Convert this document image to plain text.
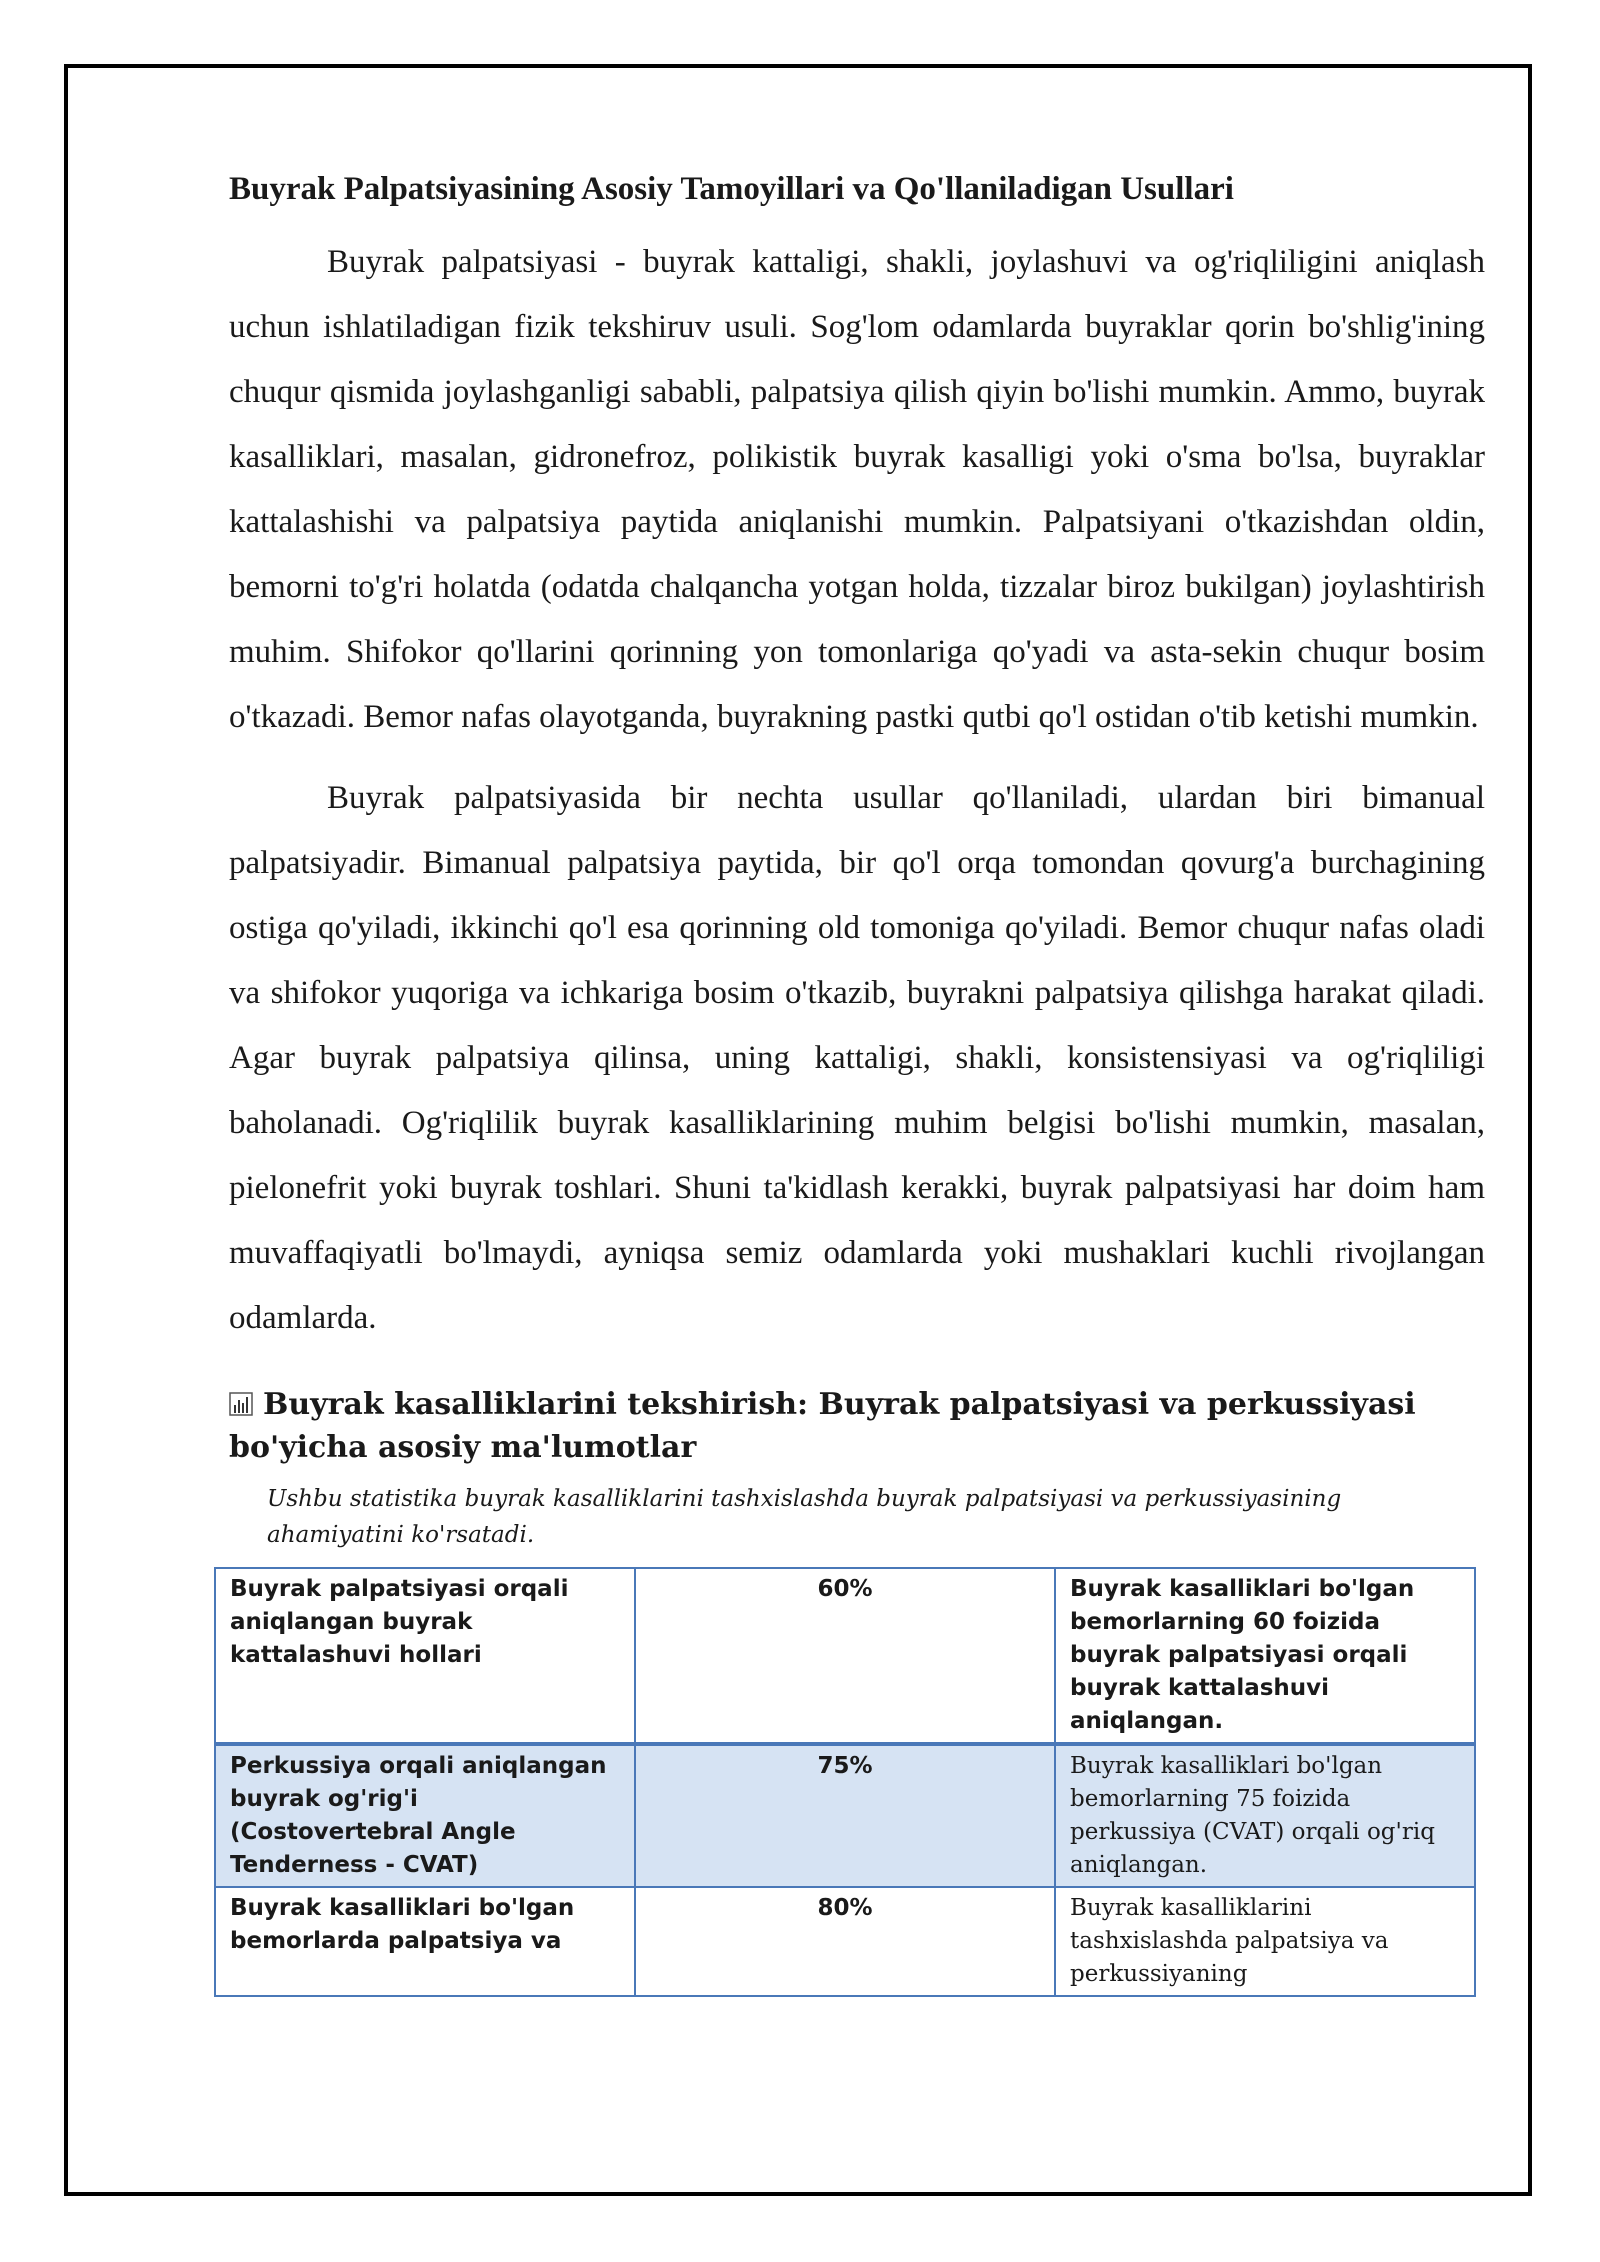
Buyrak Palpatsiyasining Asosiy Tamoyillari va Qo'llaniladigan Usullari

Buyrak palpatsiyasi - buyrak kattaligi, shakli, joylashuvi va og'riqliligini aniqlash uchun ishlatiladigan fizik tekshiruv usuli. Sog'lom odamlarda buyraklar qorin bo'shlig'ining chuqur qismida joylashganligi sababli, palpatsiya qilish qiyin bo'lishi mumkin. Ammo, buyrak kasalliklari, masalan, gidronefroz, polikistik buyrak kasalligi yoki o'sma bo'lsa, buyraklar kattalashishi va palpatsiya paytida aniqlanishi mumkin. Palpatsiyani o'tkazishdan oldin, bemorni to'g'ri holatda (odatda chalqancha yotgan holda, tizzalar biroz bukilgan) joylashtirish muhim. Shifokor qo'llarini qorinning yon tomonlariga qo'yadi va asta-sekin chuqur bosim o'tkazadi. Bemor nafas olayotganda, buyrakning pastki qutbi qo'l ostidan o'tib ketishi mumkin.

Buyrak palpatsiyasida bir nechta usullar qo'llaniladi, ulardan biri bimanual palpatsiyadir. Bimanual palpatsiya paytida, bir qo'l orqa tomondan qovurg'a burchagining ostiga qo'yiladi, ikkinchi qo'l esa qorinning old tomoniga qo'yiladi. Bemor chuqur nafas oladi va shifokor yuqoriga va ichkariga bosim o'tkazib, buyrakni palpatsiya qilishga harakat qiladi. Agar buyrak palpatsiya qilinsa, uning kattaligi, shakli, konsistensiyasi va og'riqliligi baholanadi. Og'riqlilik buyrak kasalliklarining muhim belgisi bo'lishi mumkin, masalan, pielonefrit yoki buyrak toshlari. Shuni ta'kidlash kerakki, buyrak palpatsiyasi har doim ham muvaffaqiyatli bo'lmaydi, ayniqsa semiz odamlarda yoki mushaklari kuchli rivojlangan odamlarda.

Buyrak kasalliklarini tekshirish: Buyrak palpatsiyasi va perkussiyasi bo'yicha asosiy ma'lumotlar
Ushbu statistika buyrak kasalliklarini tashxislashda buyrak palpatsiyasi va perkussiyasining ahamiyatini ko'rsatadi.
Buyrak palpatsiyasi orqali aniqlangan buyrak kattalashuvi hollari	60%	Buyrak kasalliklari bo'lgan bemorlarning 60 foizida buyrak palpatsiyasi orqali buyrak kattalashuvi aniqlangan.
Perkussiya orqali aniqlangan buyrak og'rig'i (Costovertebral Angle Tenderness - CVAT)	75%	Buyrak kasalliklari bo'lgan bemorlarning 75 foizida perkussiya (CVAT) orqali og'riq aniqlangan.
Buyrak kasalliklari bo'lgan bemorlarda palpatsiya va	80%	Buyrak kasalliklarini tashxislashda palpatsiya va perkussiyaning
